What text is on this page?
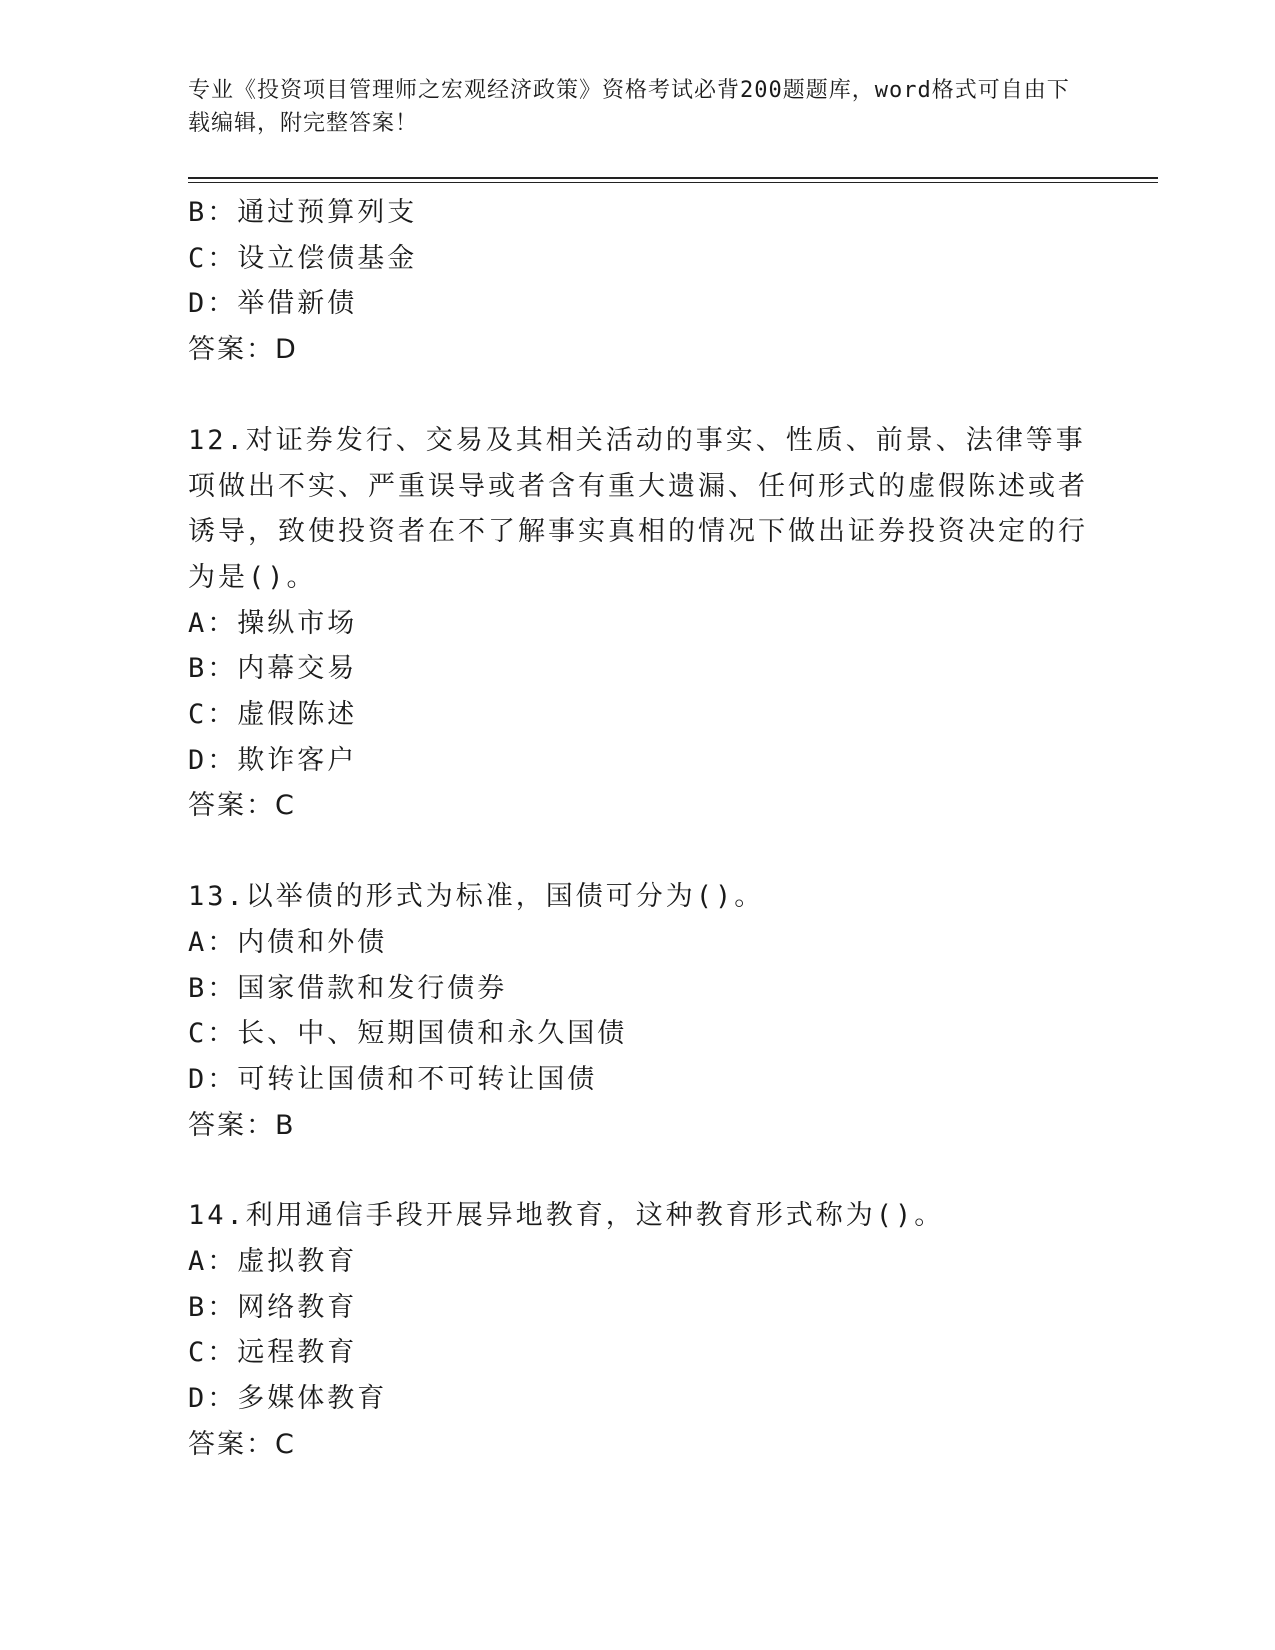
专业《投资项目管理师之宏观经济政策》资格考试必背200题题库，word格式可自由下载编辑，附完整答案！

B：通过预算列支

C：设立偿债基金

D：举借新债

答案：D

12.对证券发行、交易及其相关活动的事实、性质、前景、法律等事项做出不实、严重误导或者含有重大遗漏、任何形式的虚假陈述或者诱导，致使投资者在不了解事实真相的情况下做出证券投资决定的行为是()。

A：操纵市场

B：内幕交易

C：虚假陈述

D：欺诈客户

答案：C

13.以举债的形式为标准，国债可分为()。

A：内债和外债

B：国家借款和发行债券

C：长、中、短期国债和永久国债

D：可转让国债和不可转让国债

答案：B

14.利用通信手段开展异地教育，这种教育形式称为()。

A：虚拟教育

B：网络教育

C：远程教育

D：多媒体教育

答案：C
